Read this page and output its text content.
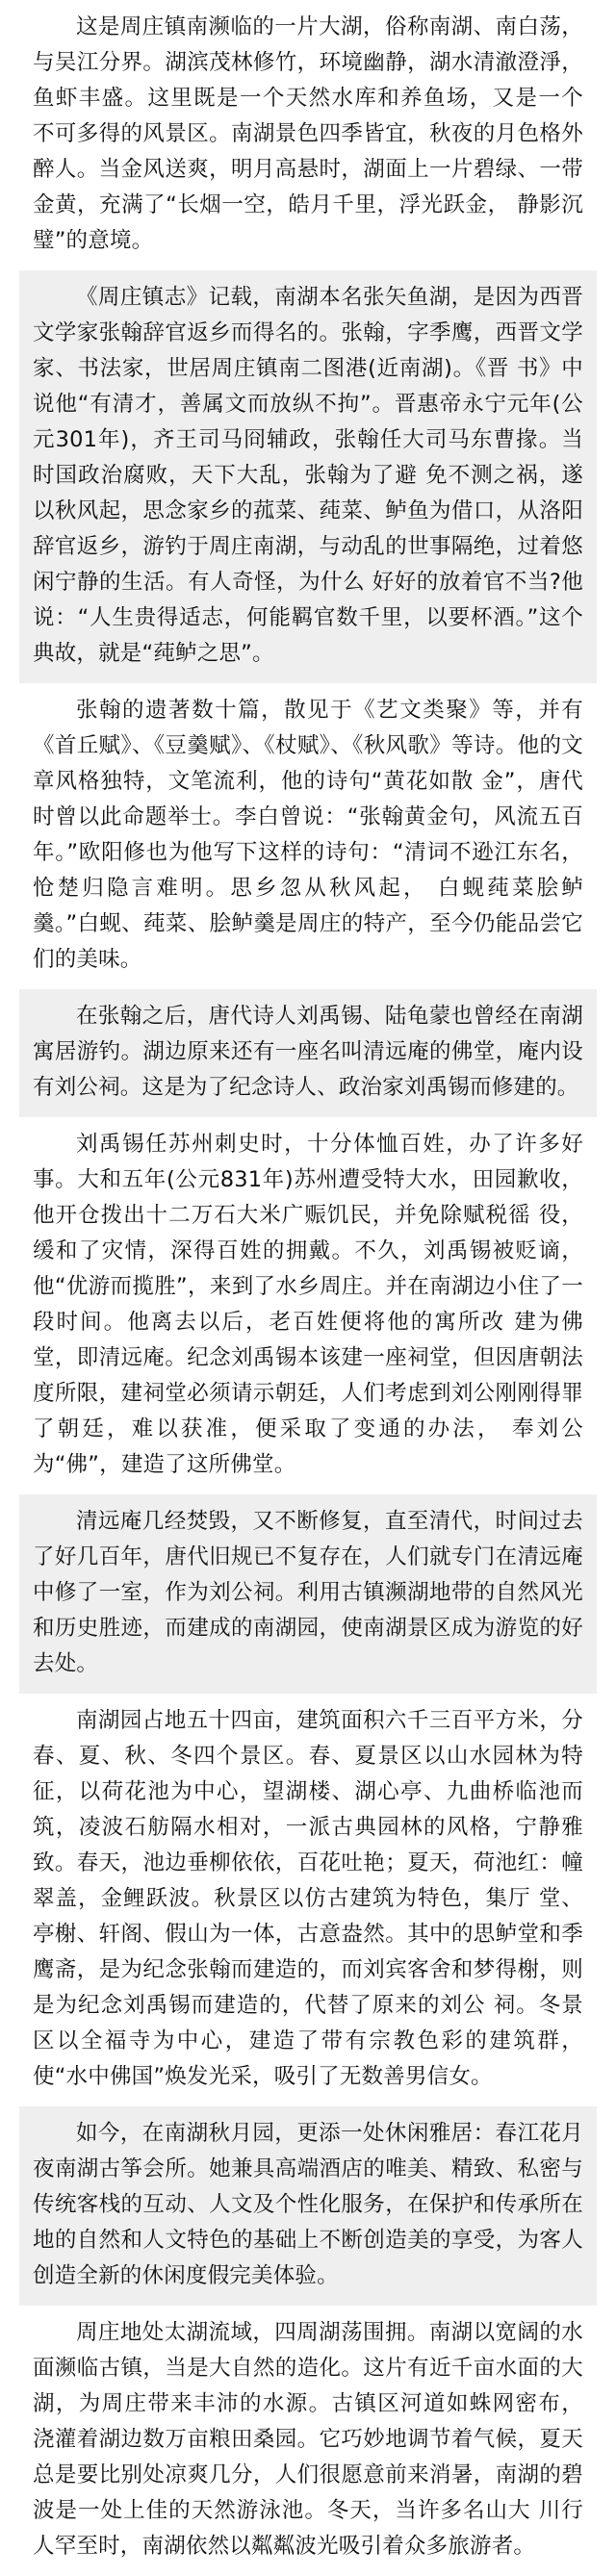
这是周庄镇南濒临的一片大湖，俗称南湖、南白荡，与吴江分界。湖滨茂林修竹，环境幽静，湖水清澈澄淨，鱼虾丰盛。这里既是一个天然水库和养鱼场，又是一个 不可多得的风景区。南湖景色四季皆宜，秋夜的月色格外醉人。当金风送爽，明月高悬时，湖面上一片碧绿、一带金黄，充满了“长烟一空，皓月千里，浮光跃金， 静影沉璧”的意境。

《周庄镇志》记载，南湖本名张矢鱼湖，是因为西晋文学家张翰辞官返乡而得名的。张翰，字季鹰，西晋文学家、书法家，世居周庄镇南二图港(近南湖)。《晋 书》中说他“有清才，善属文而放纵不拘”。晋惠帝永宁元年(公元301年)，齐王司马冏辅政，张翰任大司马东曹掾。当时国政治腐败，天下大乱，张翰为了避 免不测之祸，遂以秋风起，思念家乡的菰菜、莼菜、鲈鱼为借口，从洛阳辞官返乡，游钓于周庄南湖，与动乱的世事隔绝，过着悠闲宁静的生活。有人奇怪，为什么 好好的放着官不当?他说：“人生贵得适志，何能羁官数千里，以要杯酒。”这个典故，就是“莼鲈之思”。

张翰的遗著数十篇，散见于《艺文类聚》等，并有《首丘赋》、《豆羹赋》、《杖赋》、《秋风歌》等诗。他的文章风格独特，文笔流利，他的诗句“黄花如散 金”，唐代时曾以此命题举士。李白曾说：“张翰黄金句，风流五百年。”欧阳修也为他写下这样的诗句：“清词不逊江东名，怆楚归隐言难明。思乡忽从秋风起， 白蚬莼菜脍鲈羹。”白蚬、莼菜、脍鲈羹是周庄的特产，至今仍能品尝它们的美味。

在张翰之后，唐代诗人刘禹锡、陆龟蒙也曾经在南湖寓居游钓。湖边原来还有一座名叫清远庵的佛堂，庵内设有刘公祠。这是为了纪念诗人、政治家刘禹锡而修建的。

刘禹锡任苏州刺史时，十分体恤百姓，办了许多好事。大和五年(公元831年)苏州遭受特大水，田园歉收，他开仓拨出十二万石大米广赈饥民，并免除赋税徭 役，缓和了灾情，深得百姓的拥戴。不久，刘禹锡被贬谪，他“优游而揽胜”，来到了水乡周庄。并在南湖边小住了一段时间。他离去以后，老百姓便将他的寓所改 建为佛堂，即清远庵。纪念刘禹锡本该建一座祠堂，但因唐朝法度所限，建祠堂必须请示朝廷，人们考虑到刘公刚刚得罪了朝廷，难以获准，便采取了变通的办法， 奉刘公为“佛”，建造了这所佛堂。

清远庵几经焚毁，又不断修复，直至清代，时间过去了好几百年，唐代旧规已不复存在，人们就专门在清远庵中修了一室，作为刘公祠。利用古镇濒湖地带的自然风光和历史胜迹，而建成的南湖园，使南湖景区成为游览的好去处。

南湖园占地五十四亩，建筑面积六千三百平方米，分春、夏、秋、冬四个景区。春、夏景区以山水园林为特征，以荷花池为中心，望湖楼、湖心亭、九曲桥临池而 筑，凌波石舫隔水相对，一派古典园林的风格，宁静雅致。春天，池边垂柳依依，百花吐艳；夏天，荷池红：幢翠盖，金鲤跃波。秋景区以仿古建筑为特色，集厅 堂、亭榭、轩阁、假山为一体，古意盎然。其中的思鲈堂和季鹰斋，是为纪念张翰而建造的，而刘宾客舍和梦得榭，则是为纪念刘禹锡而建造的，代替了原来的刘公 祠。冬景区以全福寺为中心，建造了带有宗教色彩的建筑群，使“水中佛国”焕发光采，吸引了无数善男信女。

如今，在南湖秋月园，更添一处休闲雅居：春江花月夜南湖古筝会所。她兼具高端酒店的唯美、精致、私密与传统客栈的互动、人文及个性化服务，在保护和传承所在地的自然和人文特色的基础上不断创造美的享受，为客人创造全新的休闲度假完美体验。

周庄地处太湖流域，四周湖荡围拥。南湖以宽阔的水面濒临古镇，当是大自然的造化。这片有近千亩水面的大湖，为周庄带来丰沛的水源。古镇区河道如蛛网密布， 浇灌着湖边数万亩粮田桑园。它巧妙地调节着气候，夏天总是要比别处凉爽几分，人们很愿意前来消暑，南湖的碧波是一处上佳的天然游泳池。冬天，当许多名山大 川行人罕至时，南湖依然以粼粼波光吸引着众多旅游者。
